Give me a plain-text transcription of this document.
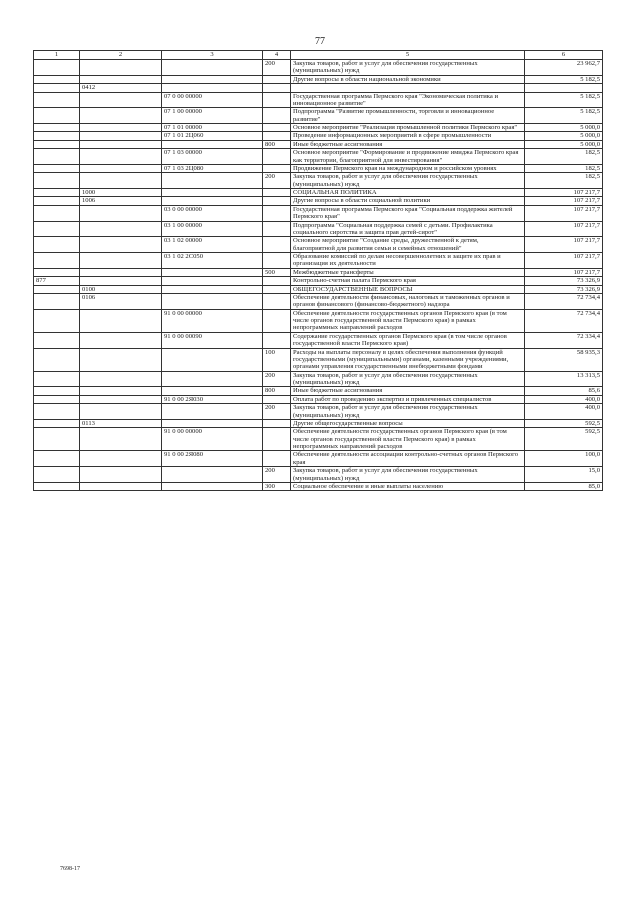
77
1	2	3	4	5	6
			200	Закупка товаров, работ и услуг для обеспечения государственных (муниципальных) нужд	23 962,7
				Другие вопросы в области национальной экономики	5 182,5
	0412				
		07 0 00 00000		Государственная программа Пермского края "Экономическая политика и инновационное развитие"	5 182,5
		07 1 00 00000		Подпрограмма "Развитие промышленности, торговли и инновационное развитие"	5 182,5
		07 1 01 00000		Основное мероприятие "Реализация промышленной политики Пермского края"	5 000,0
		07 1 01 2Ц060		Проведение информационных мероприятий в сфере промышленности	5 000,0
			800	Иные бюджетные ассигнования	5 000,0
		07 1 03 00000		Основное мероприятие "Формирование и продвижение имиджа Пермского края как территории, благоприятной для инвестирования"	182,5
		07 1 03 2Ц080		Продвижение Пермского края на международном и российском уровнях	182,5
			200	Закупка товаров, работ и услуг для обеспечения государственных (муниципальных) нужд	182,5
	1000			СОЦИАЛЬНАЯ ПОЛИТИКА	107 217,7
	1006			Другие вопросы в области социальной политики	107 217,7
		03 0 00 00000		Государственная программа Пермского края "Социальная поддержка жителей Пермского края"	107 217,7
		03 1 00 00000		Подпрограмма "Социальная поддержка семей с детьми. Профилактика социального сиротства и защита прав детей-сирот"	107 217,7
		03 1 02 00000		Основное мероприятие "Создание среды, дружественной к детям, благоприятной для развития семьи и семейных отношений"	107 217,7
		03 1 02 2С050		Образование комиссий по делам несовершеннолетних и защите их прав и организация их деятельности	107 217,7
			500	Межбюджетные трансферты	107 217,7
877				Контрольно-счетная палата Пермского края	73 326,9
	0100			ОБЩЕГОСУДАРСТВЕННЫЕ ВОПРОСЫ	73 326,9
	0106			Обеспечение деятельности финансовых, налоговых и таможенных органов и органов финансового (финансово-бюджетного) надзора	72 734,4
		91 0 00 00000		Обеспечение деятельности государственных органов Пермского края (в том числе органов государственной власти Пермского края) в рамках непрограммных направлений расходов	72 734,4
		91 0 00 00090		Содержание государственных органов Пермского края (в том числе органов государственной власти Пермского края)	72 334,4
			100	Расходы на выплаты персоналу в целях обеспечения выполнения функций государственными (муниципальными) органами, казенными учреждениями, органами управления государственными внебюджетными фондами	58 935,3
			200	Закупка товаров, работ и услуг для обеспечения государственных (муниципальных) нужд	13 313,5
			800	Иные бюджетные ассигнования	85,6
		91 0 00 2Я030		Оплата работ по проведению экспертиз и привлеченных специалистов	400,0
			200	Закупка товаров, работ и услуг для обеспечения государственных (муниципальных) нужд	400,0
	0113			Другие общегосударственные вопросы	592,5
		91 0 00 00000		Обеспечение деятельности государственных органов Пермского края (в том числе органов государственной власти Пермского края) в рамках непрограммных направлений расходов	592,5
		91 0 00 2Я080		Обеспечение деятельности ассоциации контрольно-счетных органов Пермского края	100,0
			200	Закупка товаров, работ и услуг для обеспечения государственных (муниципальных) нужд	15,0
			300	Социальное обеспечение и иные выплаты населению	85,0
7698-17
